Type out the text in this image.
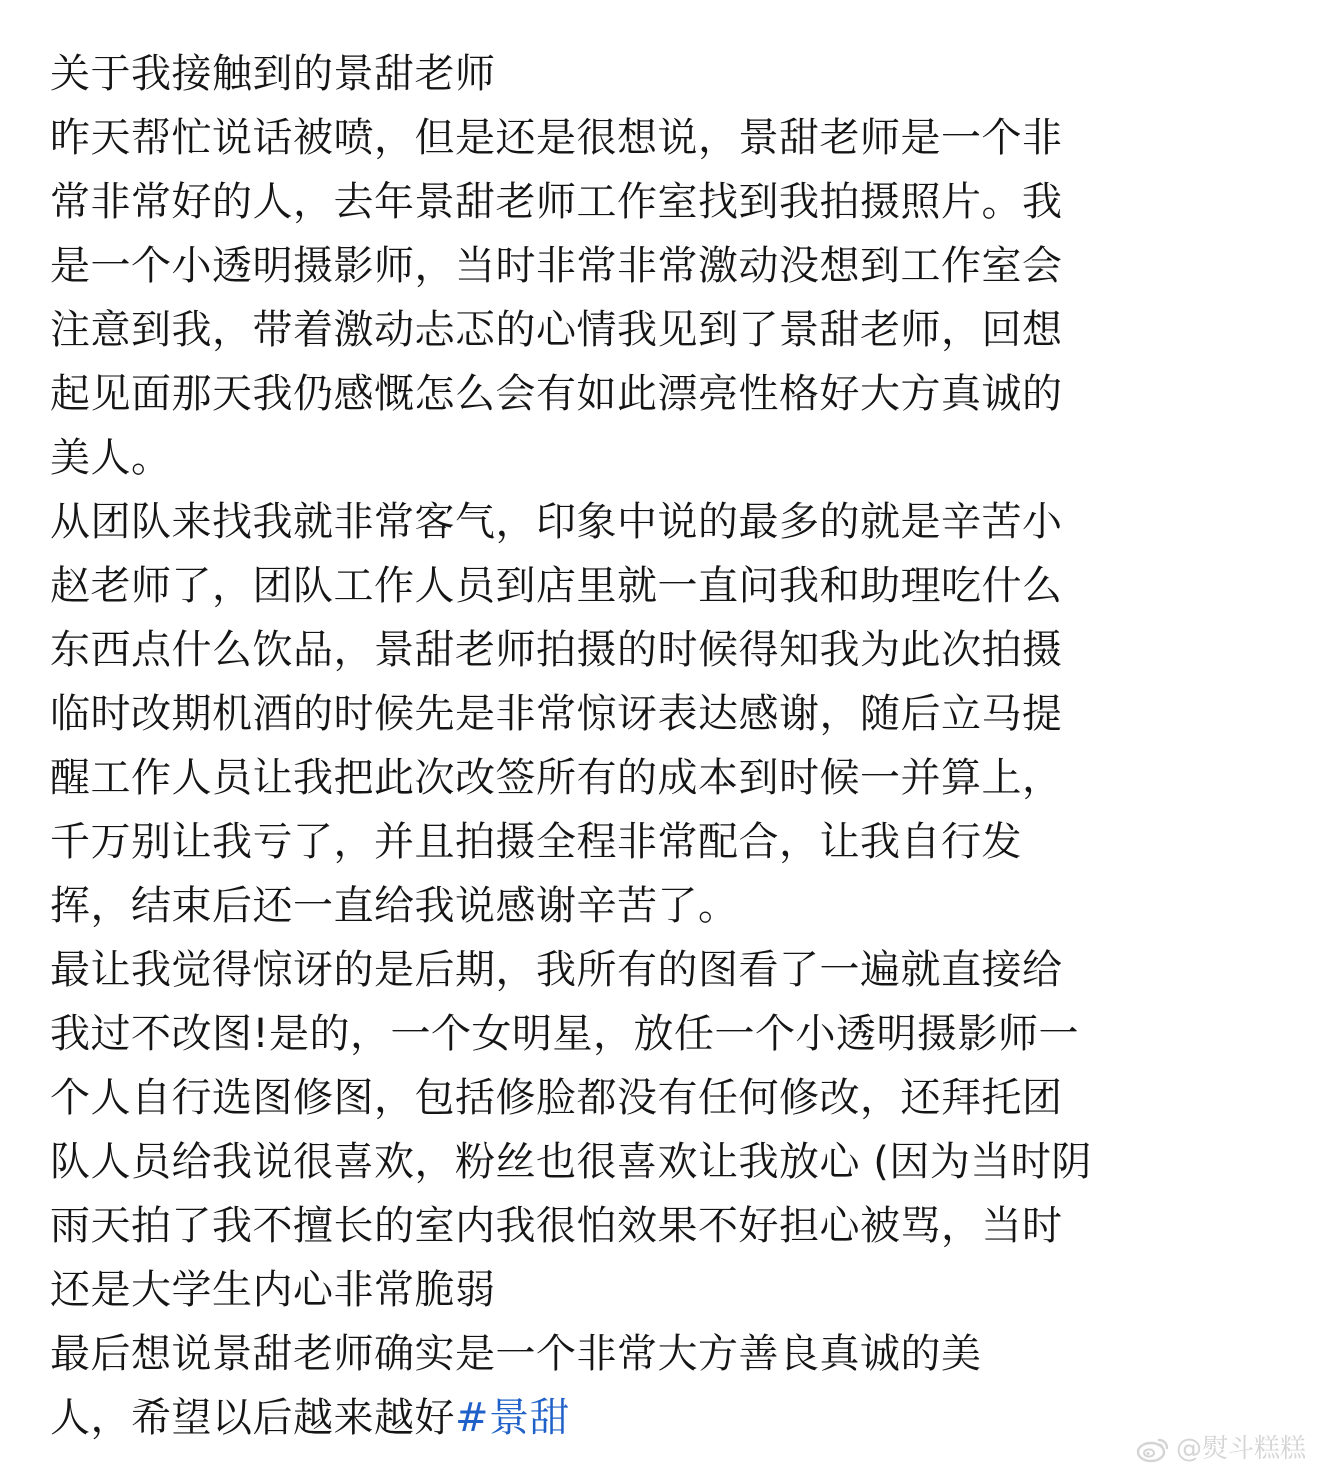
关于我接触到的景甜老师
昨天帮忙说话被喷，但是还是很想说，景甜老师是一个非
常非常好的人，去年景甜老师工作室找到我拍摄照片。我
是一个小透明摄影师，当时非常非常激动没想到工作室会
注意到我，带着激动忐忑的心情我见到了景甜老师，回想
起见面那天我仍感慨怎么会有如此漂亮性格好大方真诚的
美人。
从团队来找我就非常客气，印象中说的最多的就是辛苦小
赵老师了，团队工作人员到店里就一直问我和助理吃什么
东西点什么饮品，景甜老师拍摄的时候得知我为此次拍摄
临时改期机酒的时候先是非常惊讶表达感谢，随后立马提
醒工作人员让我把此次改签所有的成本到时候一并算上，
千万别让我亏了，并且拍摄全程非常配合，让我自行发
挥，结束后还一直给我说感谢辛苦了。
最让我觉得惊讶的是后期，我所有的图看了一遍就直接给
我过不改图!是的，一个女明星，放任一个小透明摄影师一
个人自行选图修图，包括修脸都没有任何修改，还拜托团
队人员给我说很喜欢，粉丝也很喜欢让我放心 (因为当时阴
雨天拍了我不擅长的室内我很怕效果不好担心被骂，当时
还是大学生内心非常脆弱
最后想说景甜老师确实是一个非常大方善良真诚的美
人，希望以后越来越好#景甜
@熨斗糕糕
